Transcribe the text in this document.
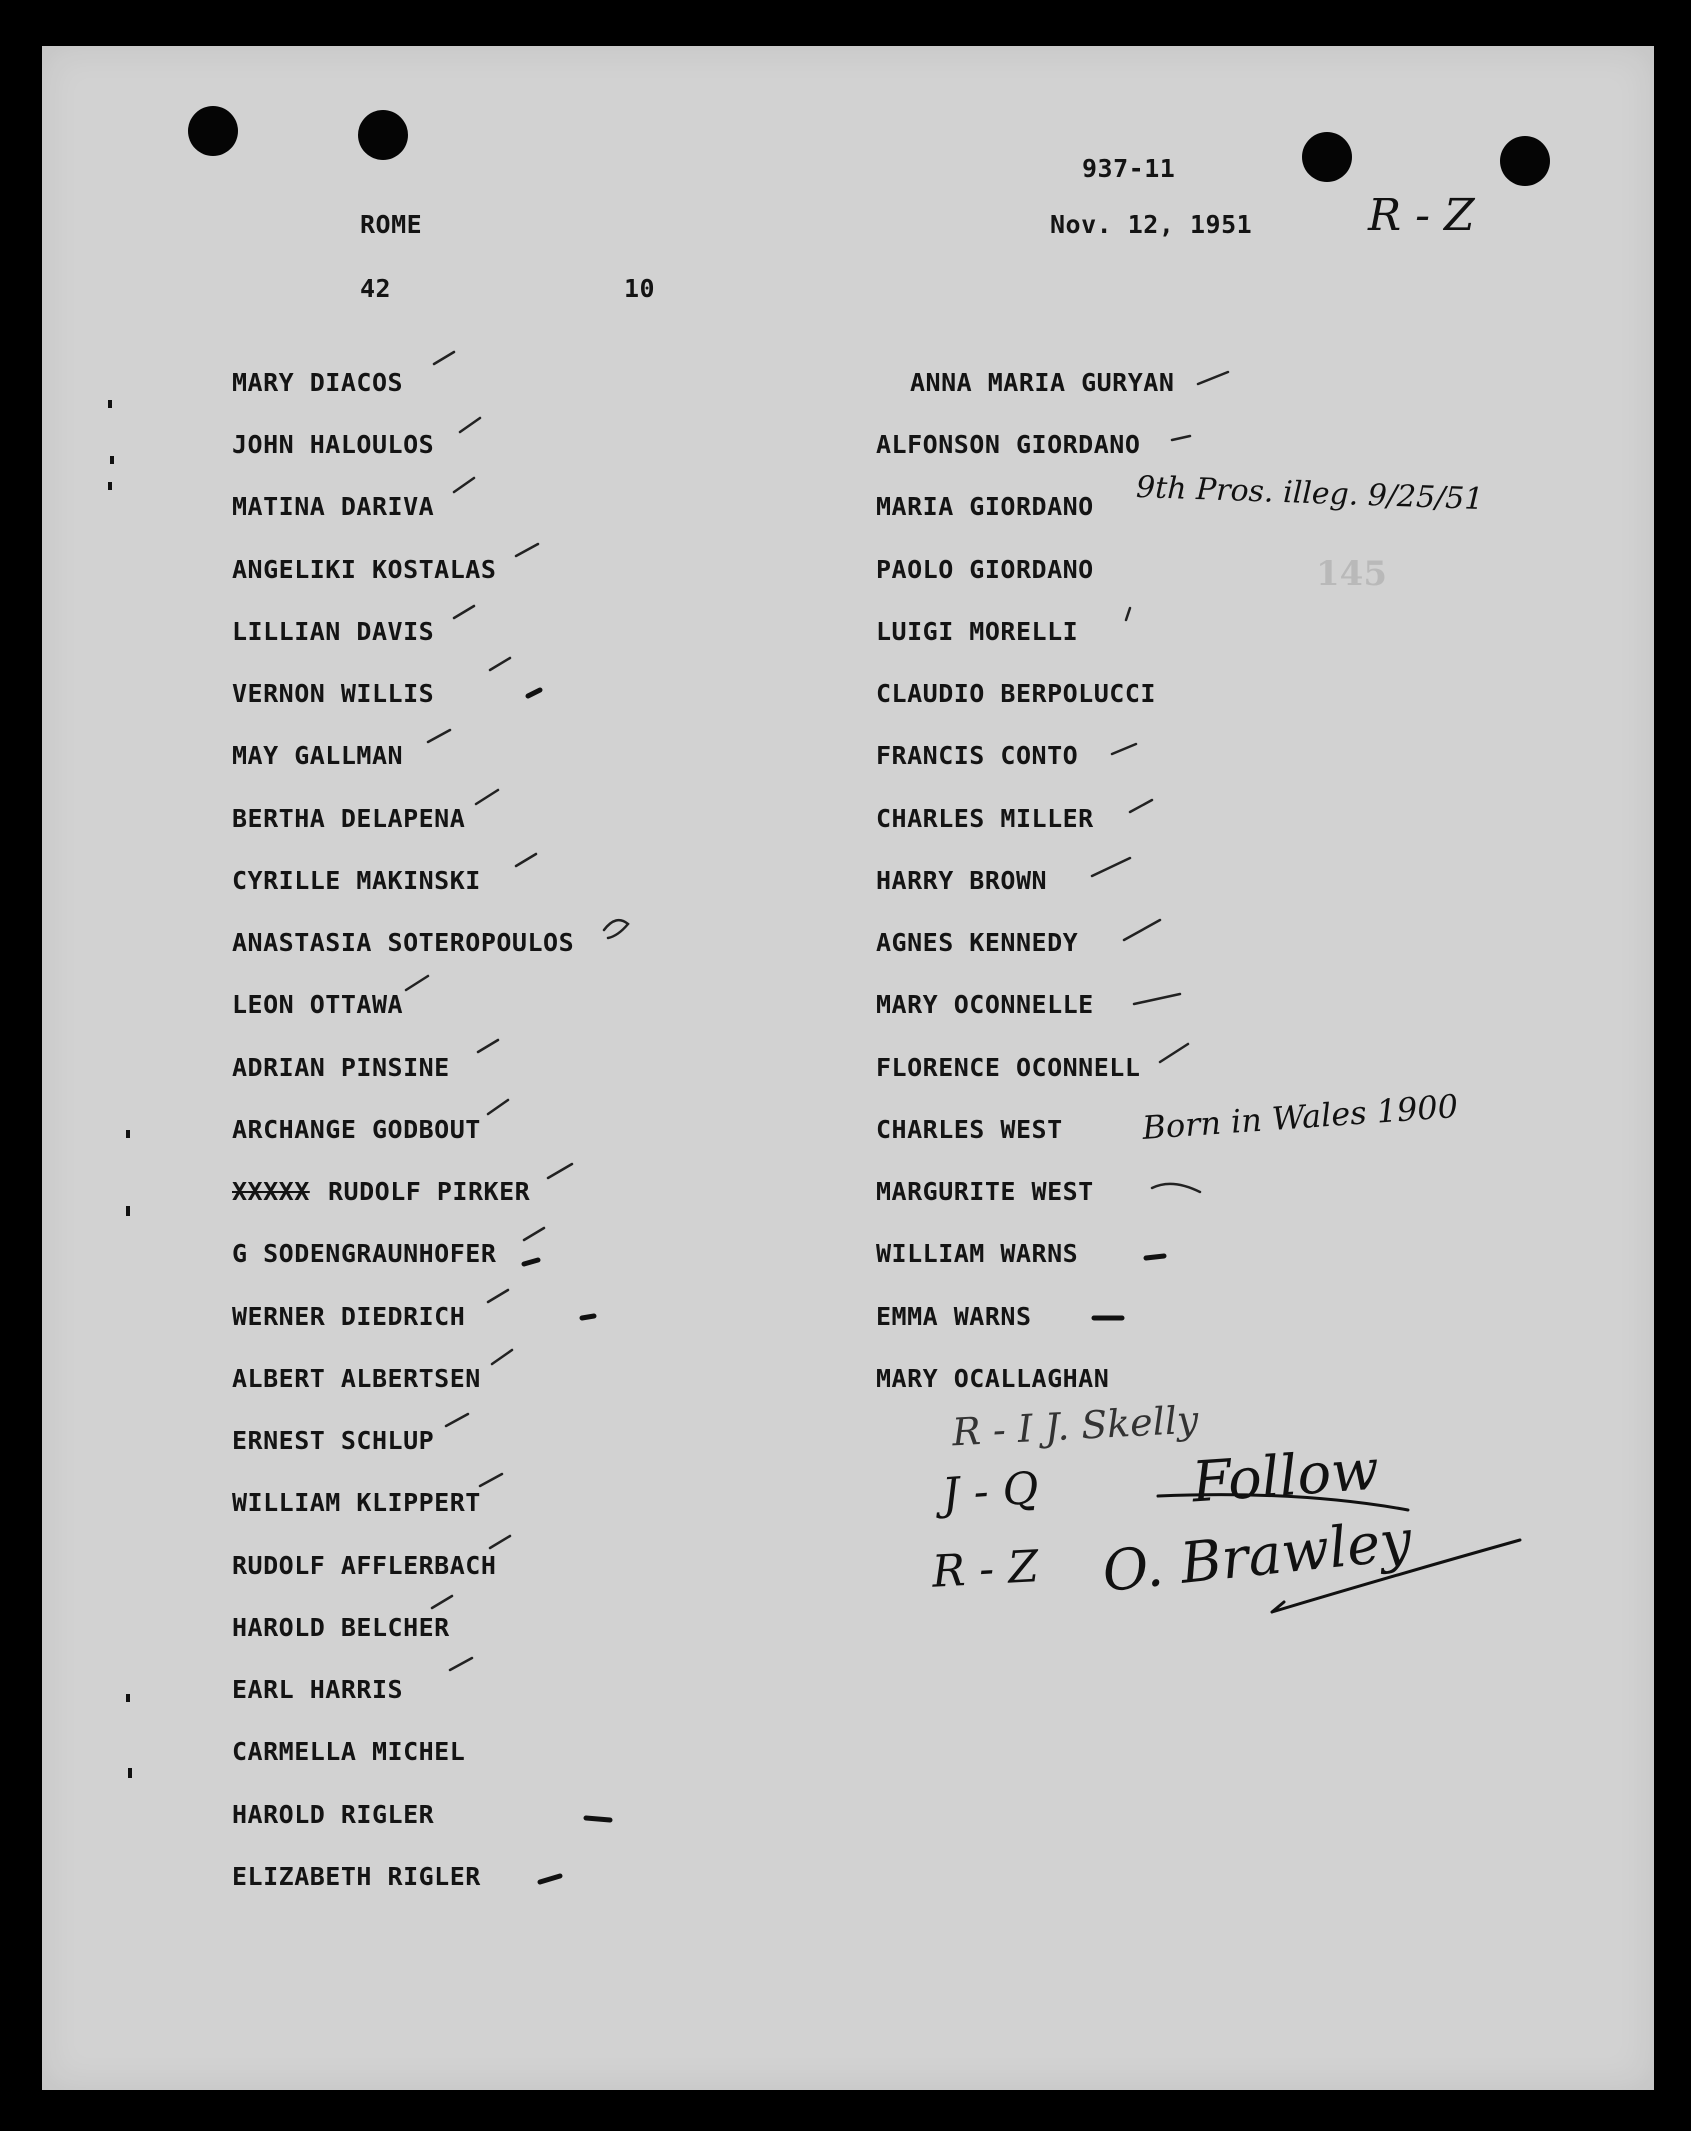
145
937-11
ROME	Nov. 12, 1951
42	10
R - Z
MARY DIACOS
JOHN HALOULOS
MATINA DARIVA
ANGELIKI KOSTALAS
LILLIAN DAVIS
VERNON WILLIS
MAY GALLMAN
BERTHA DELAPENA
CYRILLE MAKINSKI
ANASTASIA SOTEROPOULOS
LEON OTTAWA
ADRIAN PINSINE
ARCHANGE GODBOUT
XXXXX RUDOLF PIRKER
G SODENGRAUNHOFER
WERNER DIEDRICH
ALBERT ALBERTSEN
ERNEST SCHLUP
WILLIAM KLIPPERT
RUDOLF AFFLERBACH
HAROLD BELCHER
EARL HARRIS
CARMELLA MICHEL
HAROLD RIGLER
ELIZABETH RIGLER
ANNA MARIA GURYAN
ALFONSON GIORDANO
MARIA GIORDANO
PAOLO GIORDANO
LUIGI MORELLI
CLAUDIO BERPOLUCCI
FRANCIS CONTO
CHARLES MILLER
HARRY BROWN
AGNES KENNEDY
MARY OCONNELLE
FLORENCE OCONNELL
CHARLES WEST
MARGURITE WEST
WILLIAM WARNS
EMMA WARNS
MARY OCALLAGHAN
9th Pros. illeg. 9/25/51
Born in Wales 1900
R - I J. Skelly
J - Q	Follow
R - Z O. Brawley
